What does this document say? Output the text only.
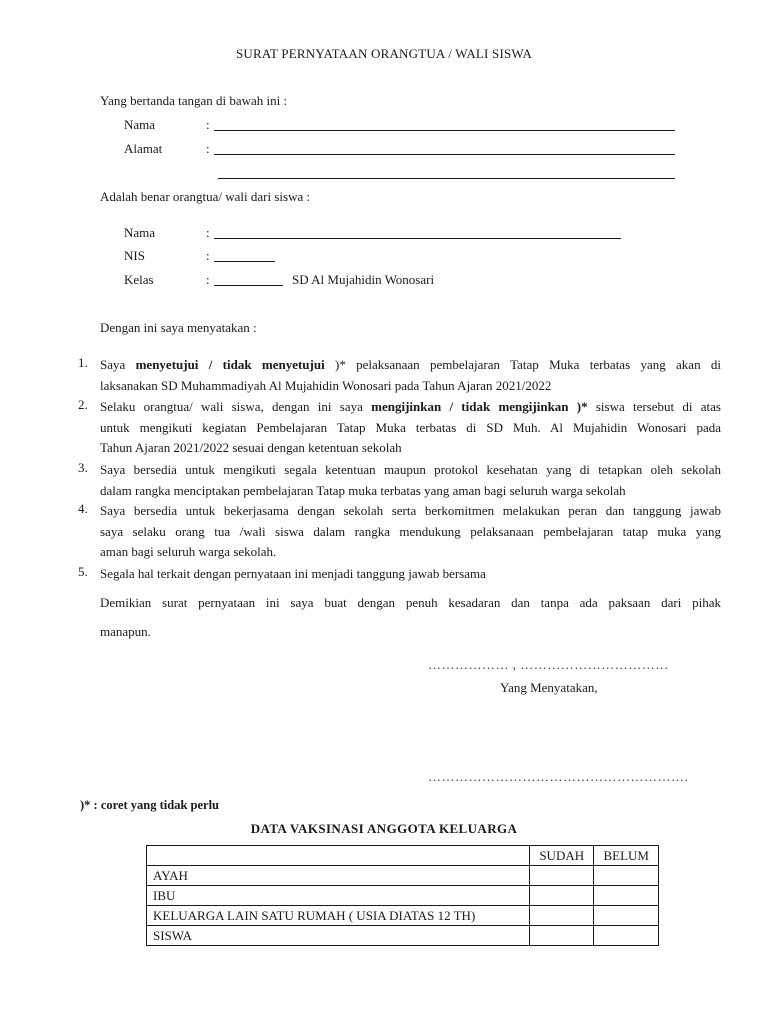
SURAT PERNYATAAN ORANGTUA / WALI SISWA
Yang bertanda tangan di bawah ini :
Nama	:
Alamat	:
Adalah benar orangtua/ wali dari siswa :
Nama	:
NIS	:
Kelas	:	SD Al Mujahidin Wonosari
Dengan ini saya menyatakan :
1. Saya menyetujui / tidak menyetujui )* pelaksanaan pembelajaran Tatap Muka terbatas yang akan di
laksanakan SD Muhammadiyah Al Mujahidin Wonosari pada Tahun Ajaran 2021/2022
2. Selaku orangtua/ wali siswa, dengan ini saya mengijinkan / tidak mengijinkan )* siswa tersebut di atas
untuk mengikuti kegiatan Pembelajaran Tatap Muka terbatas di SD Muh. Al Mujahidin Wonosari pada
Tahun Ajaran 2021/2022 sesuai dengan ketentuan sekolah
3. Saya bersedia untuk mengikuti segala ketentuan maupun protokol kesehatan yang di tetapkan oleh sekolah
dalam rangka menciptakan pembelajaran Tatap muka terbatas yang aman bagi seluruh warga sekolah
4. Saya bersedia untuk bekerjasama dengan sekolah serta berkomitmen melakukan peran dan tanggung jawab
saya selaku orang tua /wali siswa dalam rangka mendukung pelaksanaan pembelajaran tatap muka yang
aman bagi seluruh warga sekolah.
5. Segala hal terkait dengan pernyataan ini menjadi tanggung jawab bersama
Demikian surat pernyataan ini saya buat dengan penuh kesadaran dan tanpa ada paksaan dari pihak
manapun.
……………… , ……………………………
Yang Menyatakan,
………………………………………………….
)* : coret yang tidak perlu
DATA VAKSINASI ANGGOTA KELUARGA
	SUDAH	BELUM
AYAH		
IBU		
KELUARGA LAIN SATU RUMAH ( USIA DIATAS 12 TH)		
SISWA		
